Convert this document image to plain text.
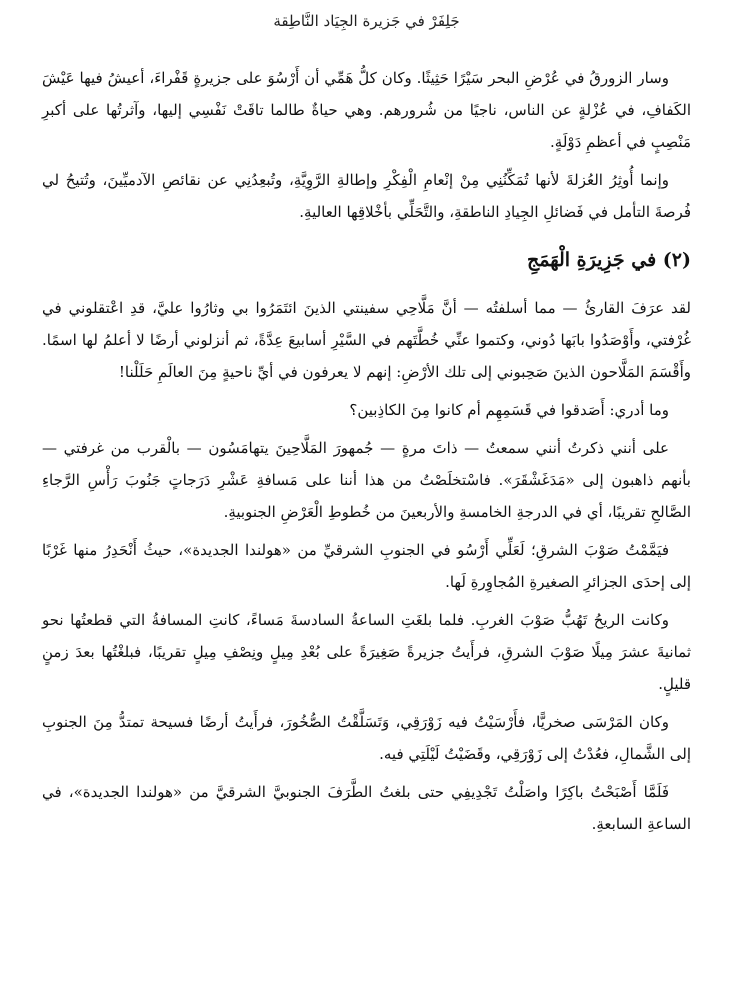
جَلِفَرْ في جَزيرة الجِيَاد النَّاطِقة

وسار الزورقُ في عُرْضِ البحر سَيْرًا حَثِيثًا. وكان كلُّ هَمِّي أن أَرْسُوَ على جزيرةٍ قَفْراءَ، أعيشُ فيها عَيْشَ الكَفافِ، في عُزْلةٍ عن الناس، ناجيًا من شُرورهم. وهي حياةٌ طالما تاقَتْ نَفْسِي إليها، وآثرتُها على أكبرِ مَنْصِبٍ في أعظمِ دَوْلَةٍ.

وإنما أُوثِرُ العُزلةَ لأنها تُمَكِّنُنِي مِنْ إنْعامِ الْفِكْرِ وإطالةِ الرَّوِيَّةِ، وتُبعِدُنِي عن نقائصِ الآدميِّينَ، وتُتيحُ لي فُرصةَ التأمل في فَضائلِ الجِيادِ الناطقةِ، والتَّحَلِّي بأخْلاقِها العاليةِ.

(٢) في جَزِيرَةِ الْهَمَجِ

لقد عرَفَ القارئُ — مما أسلفتُه — أنَّ مَلَّاحِي سفينتي الذينَ ائتَمَرُوا بي وثارُوا عليَّ، قدِ اعْتقلوني في غُرْفتي، وأَوْصَدُوا بابَها دُوني، وكتموا عنِّي خُطَّتَهم في السَّيْرِ أسابيعَ عِدَّةً، ثم أنزلوني أرضًا لا أعلمُ لها اسمًا. وأَقْسَمَ المَلَّاحون الذينَ صَحِبوني إلى تلك الأرْضِ: إنهم لا يعرفون في أيِّ ناحيةٍ مِنَ العالَمِ حَلَلْنا!

وما أدري: أَصَدقوا في قَسَمِهِم أم كانوا مِنَ الكاذِبين؟

على أنني ذكرتُ أنني سمعتُ — ذاتَ مرةٍ — جُمهورَ المَلَّاحِينَ يتهامَسُون — بالْقرب من غرفتي — بأنهم ذاهبون إلى «مَدَغَشْقَرَ». فاسْتخلَصْتُ من هذا أننا على مَسافةِ عَشْرِ دَرَجاتٍ جَنُوبَ رَأْسِ الرَّجاءِ الصَّالحِ تقريبًا، أي في الدرجةِ الخامسةِ والأربعينَ من خُطوطِ الْعَرْضِ الجنوبيةِ.

فيَمَّمْتُ صَوْبَ الشرقِ؛ لَعَلِّي أَرْسُو في الجنوبِ الشرقيِّ من «هولندا الجديدة»، حيثُ أَنْحَدِرُ منها غَرْبًا إلى إحدَى الجزائرِ الصغيرةِ المُجاوِرةِ لَها.

وكانت الريحُ تَهُبُّ صَوْبَ الغربِ. فلما بلغَتِ الساعةُ السادسةَ مَساءً، كانتِ المسافةُ التي قطعتُها نحو ثمانيةَ عشرَ مِيلًا صَوْبَ الشرقِ، فرأَيتُ جزيرةً صَغِيرَةً على بُعْدِ مِيلٍ ونِصْفِ مِيلٍ تقريبًا، فبلغْتُها بعدَ زمنٍ قليلٍ.

وكان المَرْسَى صخريًّا، فأَرْسَيْتُ فيه زَوْرَقِي، وَتَسَلَّقْتُ الصُّخُورَ، فرأَيتُ أرضًا فسيحة تمتدُّ مِنَ الجنوبِ إلى الشَّمالِ، فعُدْتُ إلى زَوْرَقِي، وقَضَيْتُ لَيْلَتِي فيه.

فَلَمَّا أَصْبَحْتُ باكِرًا واصَلْتُ تَجْدِيفِي حتى بلغتُ الطَّرَفَ الجنوبيَّ الشرقيَّ من «هولندا الجديدة»، في الساعةِ السابعةِ.
